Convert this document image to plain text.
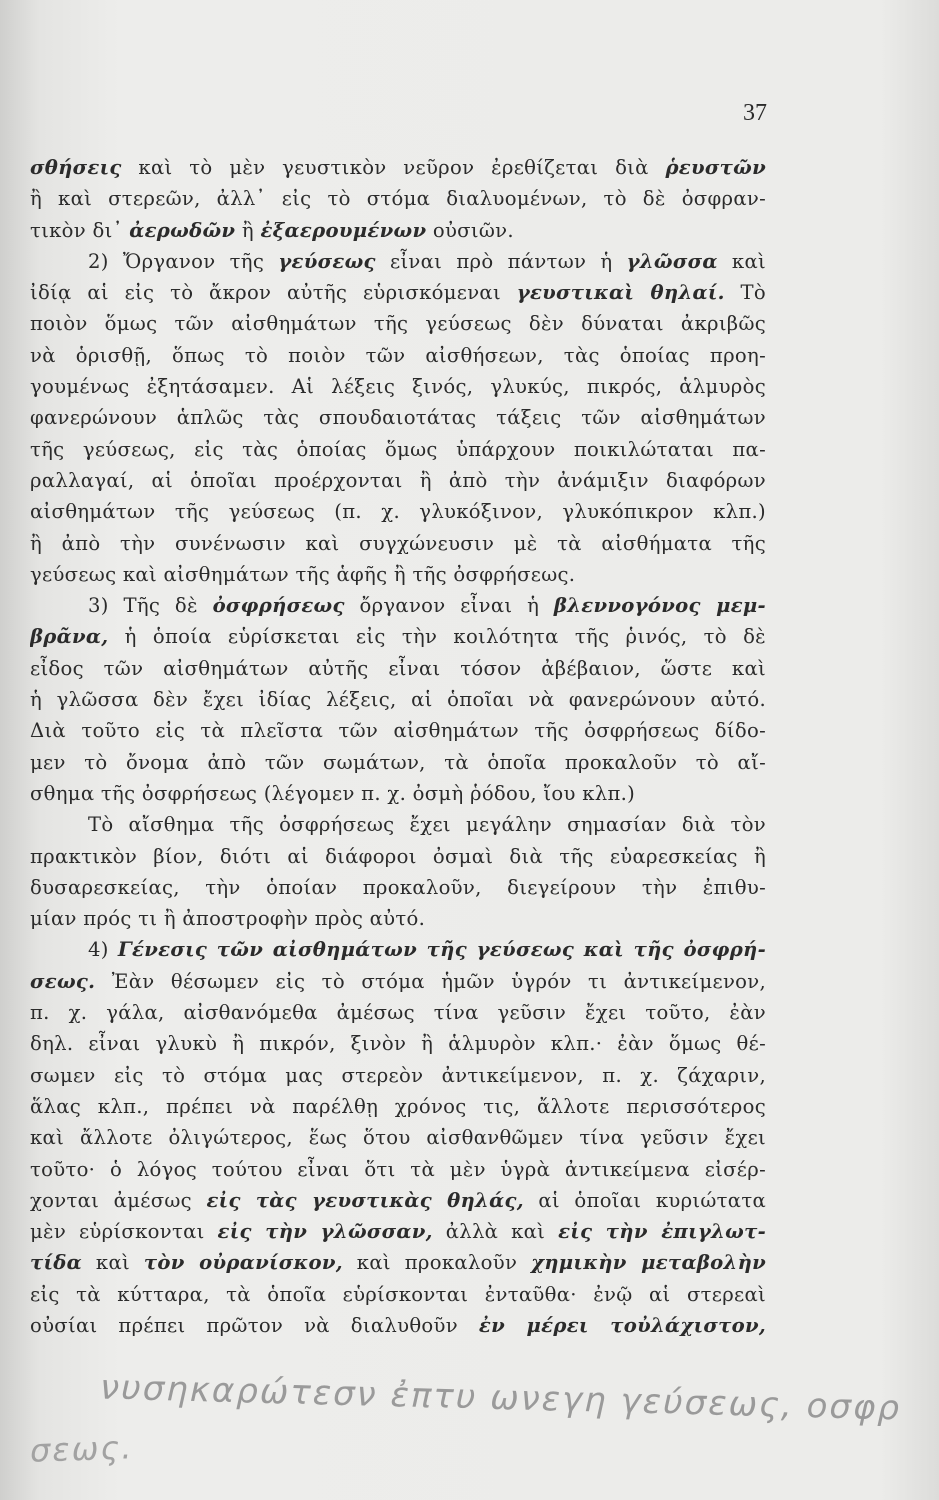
37
σθήσεις καὶ τὸ μὲν γευστικὸν νεῦρον ἐρεθίζεται διὰ ῥευστῶν
ἢ καὶ στερεῶν, ἀλλ᾽ εἰς τὸ στόμα διαλυομένων, τὸ δὲ ὀσφραν-
τικὸν δι᾽ ἀερωδῶν ἢ ἐξαερουμένων οὐσιῶν.
2) Ὄργανον τῆς γεύσεως εἶναι πρὸ πάντων ἡ γλῶσσα καὶ
ἰδίᾳ αἱ εἰς τὸ ἄκρον αὐτῆς εὑρισκόμεναι γευστικαὶ θηλαί. Τὸ
ποιὸν ὅμως τῶν αἰσθημάτων τῆς γεύσεως δὲν δύναται ἀκριβῶς
νὰ ὁρισθῇ, ὅπως τὸ ποιὸν τῶν αἰσθήσεων, τὰς ὁποίας προη-
γουμένως ἐξητάσαμεν. Αἱ λέξεις ξινός, γλυκύς, πικρός, ἁλμυρὸς
φανερώνουν ἁπλῶς τὰς σπουδαιοτάτας τάξεις τῶν αἰσθημάτων
τῆς γεύσεως, εἰς τὰς ὁποίας ὅμως ὑπάρχουν ποικιλώταται πα-
ραλλαγαί, αἱ ὁποῖαι προέρχονται ἢ ἀπὸ τὴν ἀνάμιξιν διαφόρων
αἰσθημάτων τῆς γεύσεως (π. χ. γλυκόξινον, γλυκόπικρον κλπ.)
ἢ ἀπὸ τὴν συνένωσιν καὶ συγχώνευσιν μὲ τὰ αἰσθήματα τῆς
γεύσεως καὶ αἰσθημάτων τῆς ἁφῆς ἢ τῆς ὀσφρήσεως.
3) Τῆς δὲ ὀσφρήσεως ὄργανον εἶναι ἡ βλεννογόνος μεμ-
βρᾶνα, ἡ ὁποία εὑρίσκεται εἰς τὴν κοιλότητα τῆς ῥινός, τὸ δὲ
εἶδος τῶν αἰσθημάτων αὐτῆς εἶναι τόσον ἀβέβαιον, ὥστε καὶ
ἡ γλῶσσα δὲν ἔχει ἰδίας λέξεις, αἱ ὁποῖαι νὰ φανερώνουν αὐτό.
Διὰ τοῦτο εἰς τὰ πλεῖστα τῶν αἰσθημάτων τῆς ὀσφρήσεως δίδο-
μεν τὸ ὄνομα ἀπὸ τῶν σωμάτων, τὰ ὁποῖα προκαλοῦν τὸ αἴ-
σθημα τῆς ὀσφρήσεως (λέγομεν π. χ. ὀσμὴ ῥόδου, ἴου κλπ.)
Τὸ αἴσθημα τῆς ὀσφρήσεως ἔχει μεγάλην σημασίαν διὰ τὸν
πρακτικὸν βίον, διότι αἱ διάφοροι ὀσμαὶ διὰ τῆς εὐαρεσκείας ἢ
δυσαρεσκείας, τὴν ὁποίαν προκαλοῦν, διεγείρουν τὴν ἐπιθυ-
μίαν πρός τι ἢ ἀποστροφὴν πρὸς αὐτό.
4) Γένεσις τῶν αἰσθημάτων τῆς γεύσεως καὶ τῆς ὀσφρή-
σεως. Ἐὰν θέσωμεν εἰς τὸ στόμα ἡμῶν ὑγρόν τι ἀντικείμενον,
π. χ. γάλα, αἰσθανόμεθα ἀμέσως τίνα γεῦσιν ἔχει τοῦτο, ἐὰν
δηλ. εἶναι γλυκὺ ἢ πικρόν, ξινὸν ἢ ἁλμυρὸν κλπ.· ἐὰν ὅμως θέ-
σωμεν εἰς τὸ στόμα μας στερεὸν ἀντικείμενον, π. χ. ζάχαριν,
ἅλας κλπ., πρέπει νὰ παρέλθῃ χρόνος τις, ἄλλοτε περισσότερος
καὶ ἄλλοτε ὀλιγώτερος, ἕως ὅτου αἰσθανθῶμεν τίνα γεῦσιν ἔχει
τοῦτο· ὁ λόγος τούτου εἶναι ὅτι τὰ μὲν ὑγρὰ ἀντικείμενα εἰσέρ-
χονται ἀμέσως εἰς τὰς γευστικὰς θηλάς, αἱ ὁποῖαι κυριώτατα
μὲν εὑρίσκονται εἰς τὴν γλῶσσαν, ἀλλὰ καὶ εἰς τὴν ἐπιγλωτ-
τίδα καὶ τὸν οὐρανίσκον, καὶ προκαλοῦν χημικὴν μεταβολὴν
εἰς τὰ κύτταρα, τὰ ὁποῖα εὑρίσκονται ἐνταῦθα· ἐνῷ αἱ στερεαὶ
οὐσίαι πρέπει πρῶτον νὰ διαλυθοῦν ἐν μέρει τοὐλάχιστον,
νυσηκαρώτεσν ἐπτυ ωνεγη γεύσεως, οσφρ
σεως.
